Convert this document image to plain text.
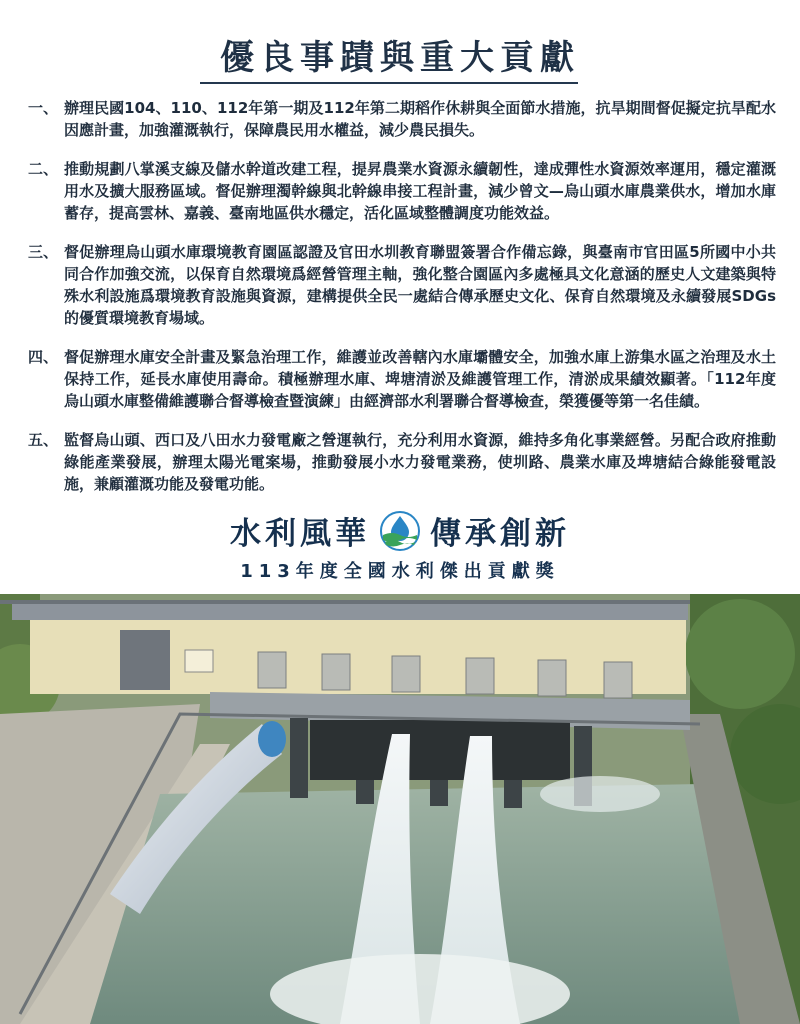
優良事蹟與重大貢獻
一、 辦理民國104、110、112年第一期及112年第二期稻作休耕與全面節水措施，抗旱期間督促擬定抗旱配水因應計畫，加強灌溉執行，保障農民用水權益，減少農民損失。
二、 推動規劃八掌溪支線及儲水幹道改建工程，提昇農業水資源永續韌性，達成彈性水資源效率運用，穩定灌溉用水及擴大服務區域。督促辦理濁幹線與北幹線串接工程計畫，減少曾文—烏山頭水庫農業供水，增加水庫蓄存，提高雲林、嘉義、臺南地區供水穩定，活化區域整體調度功能效益。
三、 督促辦理烏山頭水庫環境教育園區認證及官田水圳教育聯盟簽署合作備忘錄，與臺南市官田區5所國中小共同合作加強交流，以保育自然環境爲經營管理主軸，強化整合園區內多處極具文化意涵的歷史人文建築與特殊水利設施爲環境教育設施與資源，建構提供全民一處結合傳承歷史文化、保育自然環境及永續發展SDGs的優質環境教育場域。
四、 督促辦理水庫安全計畫及緊急治理工作，維護並改善轄內水庫壩體安全，加強水庫上游集水區之治理及水土保持工作，延長水庫使用壽命。積極辦理水庫、埤塘清淤及維護管理工作，清淤成果績效顯著。「112年度烏山頭水庫整備維護聯合督導檢查暨演練」由經濟部水利署聯合督導檢查，榮獲優等第一名佳績。
五、 監督烏山頭、西口及八田水力發電廠之營運執行，充分利用水資源，維持多角化事業經營。另配合政府推動綠能產業發展，辦理太陽光電案場，推動發展小水力發電業務，使圳路、農業水庫及埤塘結合綠能發電設施，兼顧灌溉功能及發電功能。
水利風華 傳承創新
113年度全國水利傑出貢獻獎
